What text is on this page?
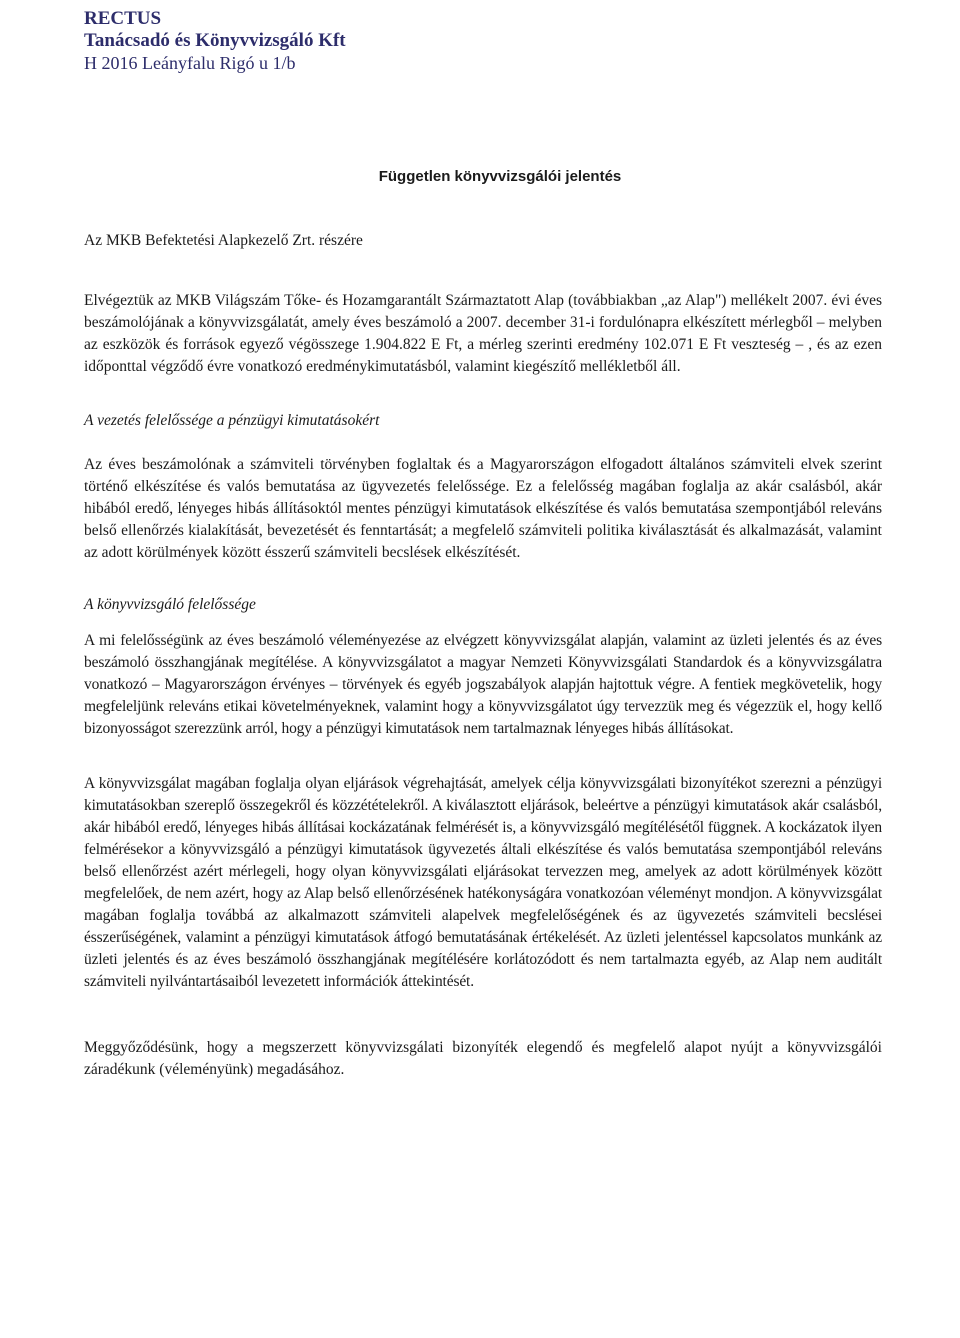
RECTUS
Tanácsadó és Könyvvizsgáló Kft
H 2016 Leányfalu Rigó u 1/b
Független könyvvizsgálói jelentés
Az MKB Befektetési Alapkezelő Zrt. részére

Elvégeztük az MKB Világszám Tőke- és Hozamgarantált Származtatott Alap (továbbiakban „az Alap") mellékelt 2007. évi éves beszámolójának a könyvvizsgálatát, amely éves beszámoló a 2007. december 31-i fordulónapra elkészített mérlegből – melyben az eszközök és források egyező végösszege 1.904.822 E Ft, a mérleg szerinti eredmény 102.071 E Ft veszteség – , és az ezen időponttal végződő évre vonatkozó eredménykimutatásból, valamint kiegészítő mellékletből áll.

A vezetés felelőssége a pénzügyi kimutatásokért

Az éves beszámolónak a számviteli törvényben foglaltak és a Magyarországon elfogadott általános számviteli elvek szerint történő elkészítése és valós bemutatása az ügyvezetés felelőssége. Ez a felelősség magában foglalja az akár csalásból, akár hibából eredő, lényeges hibás állításoktól mentes pénzügyi kimutatások elkészítése és valós bemutatása szempontjából releváns belső ellenőrzés kialakítását, bevezetését és fenntartását; a megfelelő számviteli politika kiválasztását és alkalmazását, valamint az adott körülmények között ésszerű számviteli becslések elkészítését.

A könyvvizsgáló felelőssége

A mi felelősségünk az éves beszámoló véleményezése az elvégzett könyvvizsgálat alapján, valamint az üzleti jelentés és az éves beszámoló összhangjának megítélése. A könyvvizsgálatot a magyar Nemzeti Könyvvizsgálati Standardok és a könyvvizsgálatra vonatkozó – Magyarországon érvényes – törvények és egyéb jogszabályok alapján hajtottuk végre. A fentiek megkövetelik, hogy megfeleljünk releváns etikai követelményeknek, valamint hogy a könyvvizsgálatot úgy tervezzük meg és végezzük el, hogy kellő bizonyosságot szerezzünk arról, hogy a pénzügyi kimutatások nem tartalmaznak lényeges hibás állításokat.

A könyvvizsgálat magában foglalja olyan eljárások végrehajtását, amelyek célja könyvvizsgálati bizonyítékot szerezni a pénzügyi kimutatásokban szereplő összegekről és közzétételekről. A kiválasztott eljárások, beleértve a pénzügyi kimutatások akár csalásból, akár hibából eredő, lényeges hibás állításai kockázatának felmérését is, a könyvvizsgáló megítélésétől függnek. A kockázatok ilyen felmérésekor a könyvvizsgáló a pénzügyi kimutatások ügyvezetés általi elkészítése és valós bemutatása szempontjából releváns belső ellenőrzést azért mérlegeli, hogy olyan könyvvizsgálati eljárásokat tervezzen meg, amelyek az adott körülmények között megfelelőek, de nem azért, hogy az Alap belső ellenőrzésének hatékonyságára vonatkozóan véleményt mondjon. A könyvvizsgálat magában foglalja továbbá az alkalmazott számviteli alapelvek megfelelőségének és az ügyvezetés számviteli becslései ésszerűségének, valamint a pénzügyi kimutatások átfogó bemutatásának értékelését. Az üzleti jelentéssel kapcsolatos munkánk az üzleti jelentés és az éves beszámoló összhangjának megítélésére korlátozódott és nem tartalmazta egyéb, az Alap nem auditált számviteli nyilvántartásaiból levezetett információk áttekintését.

Meggyőződésünk, hogy a megszerzett könyvvizsgálati bizonyíték elegendő és megfelelő alapot nyújt a könyvvizsgálói záradékunk (véleményünk) megadásához.
